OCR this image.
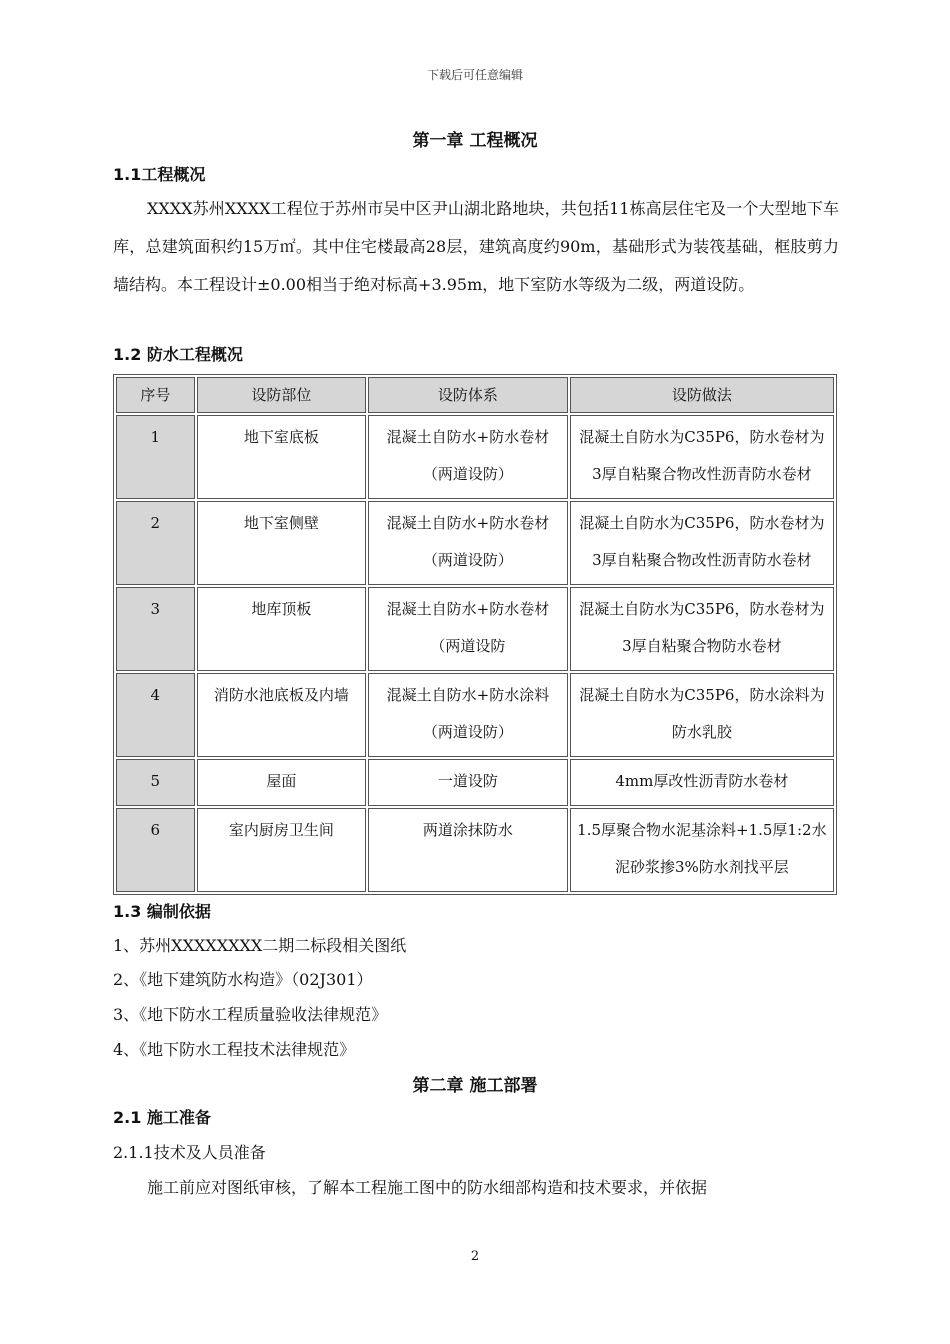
下载后可任意编辑
第一章 工程概况
1.1工程概况
XXXX苏州XXXX工程位于苏州市吴中区尹山湖北路地块，共包括11栋高层住宅及一个大型地下车库，总建筑面积约15万㎡。其中住宅楼最高28层，建筑高度约90m，基础形式为装筏基础，框肢剪力墙结构。本工程设计±0.00相当于绝对标高+3.95m，地下室防水等级为二级，两道设防。
1.2 防水工程概况
序号	设防部位	设防体系	设防做法
1	地下室底板	混凝土自防水+防水卷材（两道设防）	混凝土自防水为C35P6，防水卷材为3厚自粘聚合物改性沥青防水卷材
2	地下室侧壁	混凝土自防水+防水卷材（两道设防）	混凝土自防水为C35P6，防水卷材为3厚自粘聚合物改性沥青防水卷材
3	地库顶板	混凝土自防水+防水卷材（两道设防	混凝土自防水为C35P6，防水卷材为3厚自粘聚合物防水卷材
4	消防水池底板及内墙	混凝土自防水+防水涂料（两道设防）	混凝土自防水为C35P6，防水涂料为防水乳胶
5	屋面	一道设防	4mm厚改性沥青防水卷材
6	室内厨房卫生间	两道涂抹防水	1.5厚聚合物水泥基涂料+1.5厚1:2水泥砂浆掺3%防水剂找平层
1.3 编制依据
1、苏州XXXXXXXX二期二标段相关图纸
2、《地下建筑防水构造》（02J301）
3、《地下防水工程质量验收法律规范》
4、《地下防水工程技术法律规范》
第二章 施工部署
2.1 施工准备
2.1.1技术及人员准备
施工前应对图纸审核，了解本工程施工图中的防水细部构造和技术要求，并依据
2
